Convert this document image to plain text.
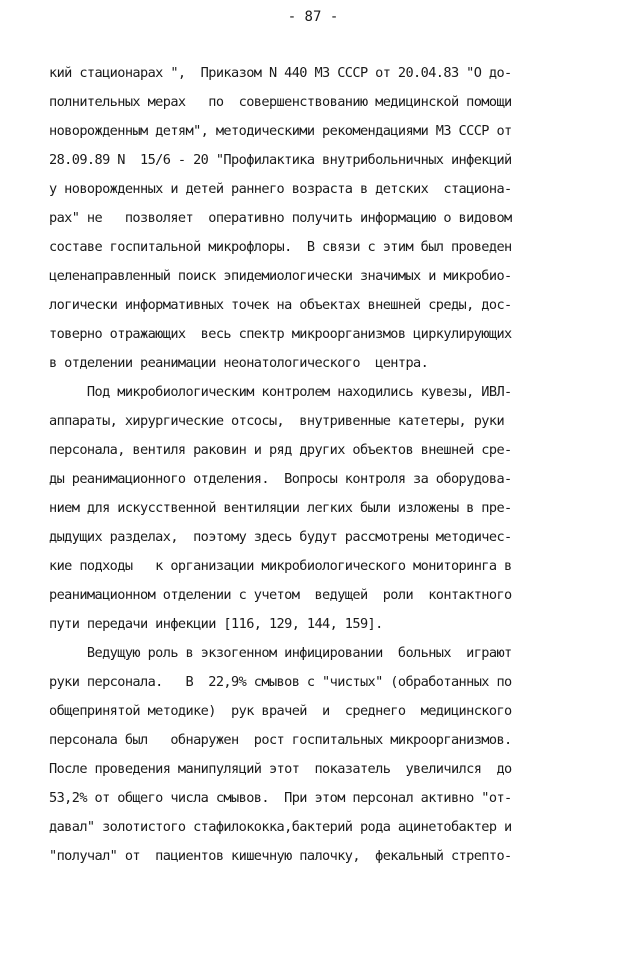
- 87 -
кий стационарах ",  Приказом N 440 МЗ СССР от 20.04.83 "О до-
полнительных мерах   по  совершенствованию медицинской помощи
новорожденным детям", методическими рекомендациями МЗ СССР от
28.09.89 N  15/6 - 20 "Профилактика внутрибольничных инфекций
у новорожденных и детей раннего возраста в детских  стациона-
рах" не   позволяет  оперативно получить информацию о видовом
составе госпитальной микрофлоры.  В связи с этим был проведен
целенаправленный поиск эпидемиологически значимых и микробио-
логически информативных точек на объектах внешней среды, дос-
товерно отражающих  весь спектр микроорганизмов циркулирующих
в отделении реанимации неонатологического  центра.
Под микробиологическим контролем находились кувезы, ИВЛ-
аппараты, хирургические отсосы,  внутривенные катетеры, руки
персонала, вентиля раковин и ряд других объектов внешней сре-
ды реанимационного отделения.  Вопросы контроля за оборудова-
нием для искусственной вентиляции легких были изложены в пре-
дыдущих разделах,  поэтому здесь будут рассмотрены методичес-
кие подходы   к организации микробиологического мониторинга в
реанимационном отделении с учетом  ведущей  роли  контактного
пути передачи инфекции [116, 129, 144, 159].
Ведущую роль в экзогенном инфицировании  больных  играют
руки персонала.   В  22,9% смывов с "чистых" (обработанных по
общепринятой методике)  рук врачей  и  среднего  медицинского
персонала был   обнаружен  рост госпитальных микроорганизмов.
После проведения манипуляций этот  показатель  увеличился  до
53,2% от общего числа смывов.  При этом персонал активно "от-
давал" золотистого стафилококка,бактерий рода ацинетобактер и
"получал" от  пациентов кишечную палочку,  фекальный стрепто-
